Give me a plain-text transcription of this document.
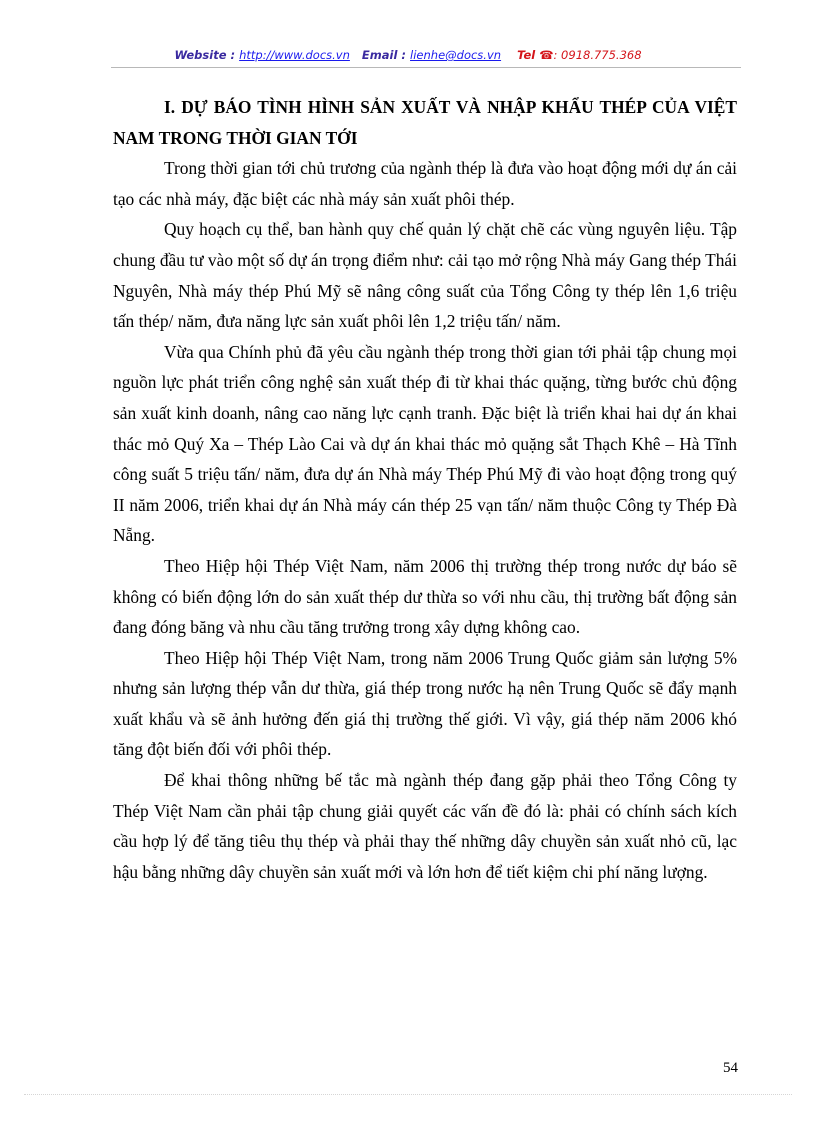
Website : http://www.docs.vn Email : lienhe@docs.vn Tel ☎: 0918.775.368

I. DỰ BÁO TÌNH HÌNH SẢN XUẤT VÀ NHẬP KHẨU THÉP CỦA VIỆT NAM TRONG THỜI GIAN TỚI

Trong thời gian tới chủ trương của ngành thép là đưa vào hoạt động mới dự án cải tạo các nhà máy, đặc biệt các nhà máy sản xuất phôi thép.

Quy hoạch cụ thể, ban hành quy chế quản lý chặt chẽ các vùng nguyên liệu. Tập chung đầu tư vào một số dự án trọng điểm như: cải tạo mở rộng Nhà máy Gang thép Thái Nguyên, Nhà máy thép Phú Mỹ sẽ nâng công suất của Tổng Công ty thép lên 1,6 triệu tấn thép/ năm, đưa năng lực sản xuất phôi lên 1,2 triệu tấn/ năm.

Vừa qua Chính phủ đã yêu cầu ngành thép trong thời gian tới phải tập chung mọi nguồn lực phát triển công nghệ sản xuất thép đi từ khai thác quặng, từng bước chủ động sản xuất kinh doanh, nâng cao năng lực cạnh tranh. Đặc biệt là triển khai hai dự án khai thác mỏ Quý Xa – Thép Lào Cai và dự án khai thác mỏ quặng sắt Thạch Khê – Hà Tĩnh công suất 5 triệu tấn/ năm, đưa dự án Nhà máy Thép Phú Mỹ đi vào hoạt động trong quý II năm 2006, triển khai dự án Nhà máy cán thép 25 vạn tấn/ năm thuộc Công ty Thép Đà Nẵng.

Theo Hiệp hội Thép Việt Nam, năm 2006 thị trường thép trong nước dự báo sẽ không có biến động lớn do sản xuất thép dư thừa so với nhu cầu, thị trường bất động sản đang đóng băng và nhu cầu tăng trưởng trong xây dựng không cao.

Theo Hiệp hội Thép Việt Nam, trong năm 2006 Trung Quốc giảm sản lượng 5% nhưng sản lượng thép vẫn dư thừa, giá thép trong nước hạ nên Trung Quốc sẽ đẩy mạnh xuất khẩu và sẽ ảnh hưởng đến giá thị trường thế giới. Vì vậy, giá thép năm 2006 khó tăng đột biến đối với phôi thép.

Để khai thông những bế tắc mà ngành thép đang gặp phải theo Tổng Công ty Thép Việt Nam cần phải tập chung giải quyết các vấn đề đó là: phải có chính sách kích cầu hợp lý để tăng tiêu thụ thép và phải thay thế những dây chuyền sản xuất nhỏ cũ, lạc hậu bằng những dây chuyền sản xuất mới và lớn hơn để tiết kiệm chi phí năng lượng.

54
